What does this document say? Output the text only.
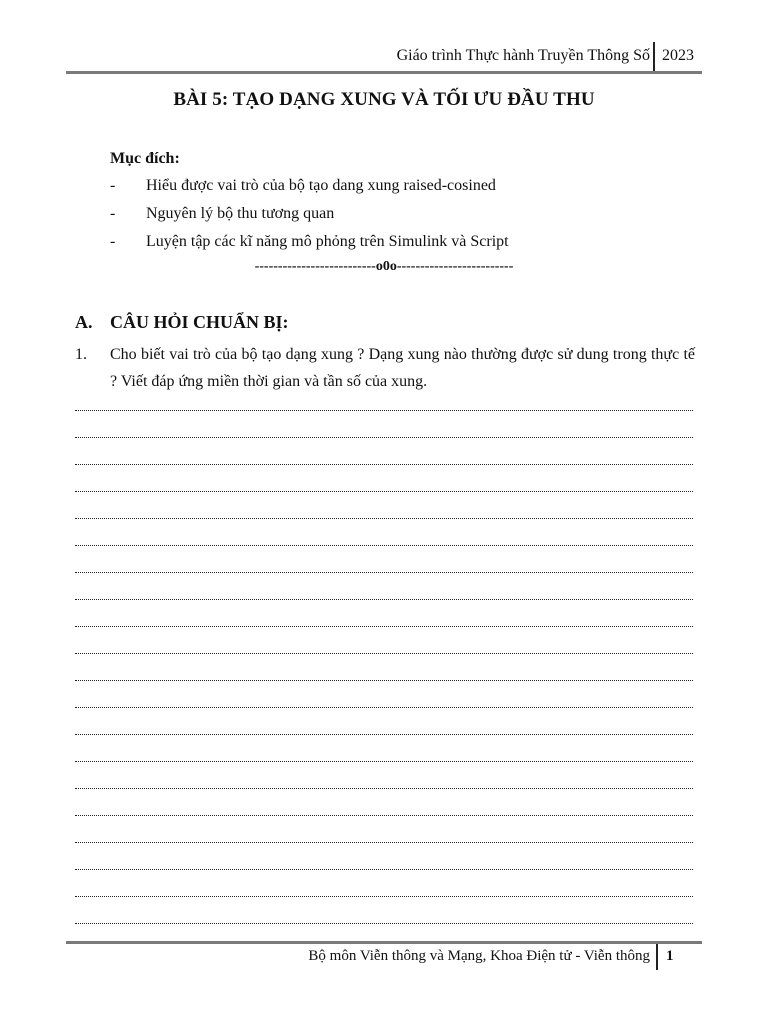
Giáo trình Thực hành Truyền Thông Số 2023
BÀI 5: TẠO DẠNG XUNG VÀ TỐI ƯU ĐẦU THU
Mục đích:
- Hiểu được vai trò của bộ tạo dang xung raised-cosined
- Nguyên lý bộ thu tương quan
- Luyện tập các kĩ năng mô phỏng trên Simulink và Script
--------------------------o0o-------------------------
A. CÂU HỎI CHUẨN BỊ:
1. Cho biết vai trò của bộ tạo dạng xung ? Dạng xung nào thường được sử dung trong thực tế ? Viết đáp ứng miền thời gian và tần số của xung.
Bộ môn Viễn thông và Mạng, Khoa Điện tử - Viễn thông 1
